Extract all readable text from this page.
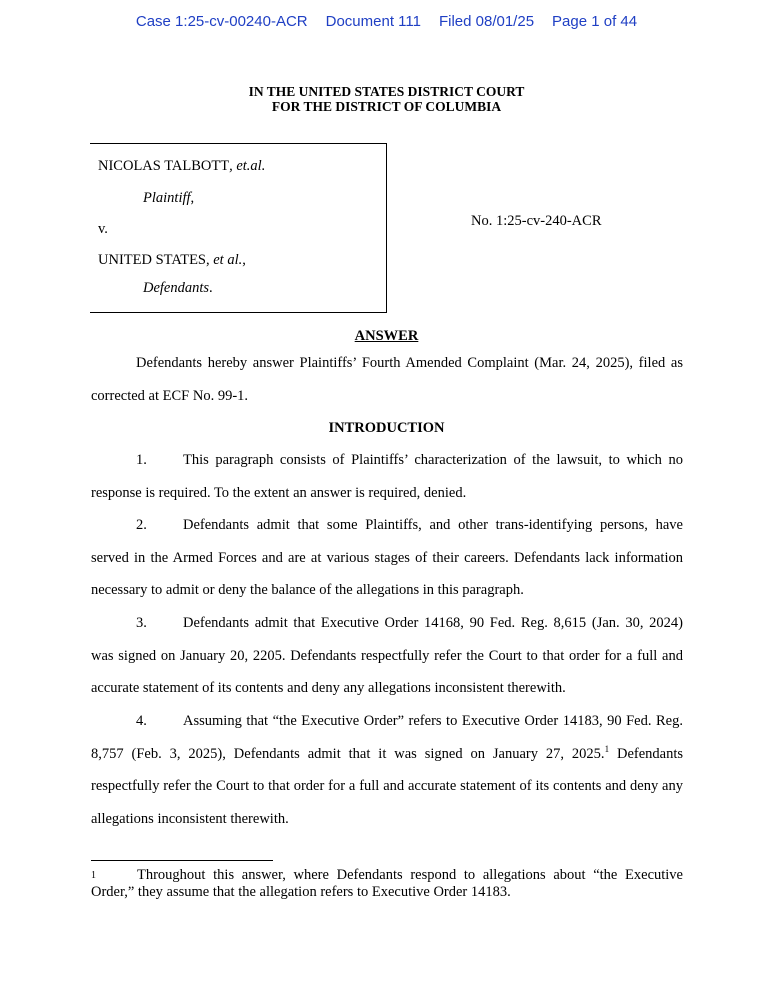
Case 1:25-cv-00240-ACR Document 111 Filed 08/01/25 Page 1 of 44
IN THE UNITED STATES DISTRICT COURT
FOR THE DISTRICT OF COLUMBIA
NICOLAS TALBOTT, et.al.
Plaintiff,
v.
UNITED STATES, et al.,
Defendants.
No. 1:25-cv-240-ACR
ANSWER
Defendants hereby answer Plaintiffs’ Fourth Amended Complaint (Mar. 24, 2025), filed as corrected at ECF No. 99-1.
INTRODUCTION
1. This paragraph consists of Plaintiffs’ characterization of the lawsuit, to which no response is required. To the extent an answer is required, denied.
2. Defendants admit that some Plaintiffs, and other trans-identifying persons, have served in the Armed Forces and are at various stages of their careers. Defendants lack information necessary to admit or deny the balance of the allegations in this paragraph.
3. Defendants admit that Executive Order 14168, 90 Fed. Reg. 8,615 (Jan. 30, 2024) was signed on January 20, 2205. Defendants respectfully refer the Court to that order for a full and accurate statement of its contents and deny any allegations inconsistent therewith.
4. Assuming that “the Executive Order” refers to Executive Order 14183, 90 Fed. Reg. 8,757 (Feb. 3, 2025), Defendants admit that it was signed on January 27, 2025.$^1$ Defendants respectfully refer the Court to that order for a full and accurate statement of its contents and deny any allegations inconsistent therewith.
1	Throughout this answer, where Defendants respond to allegations about “the Executive Order,” they assume that the allegation refers to Executive Order 14183.
